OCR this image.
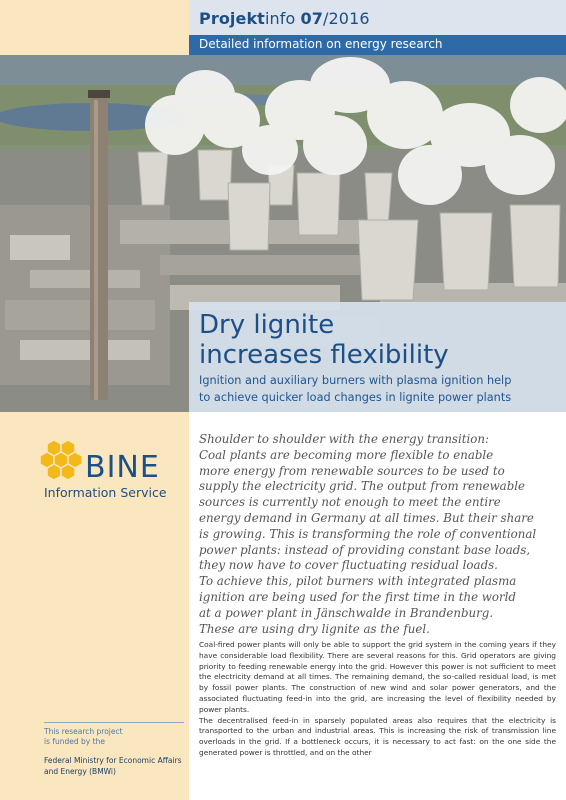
Projektinfo 07/2016
Detailed information on energy research
Dry lignite
increases flexibility
Ignition and auxiliary burners with plasma ignition help
to achieve quicker load changes in lignite power plants
BINE
Information Service

Shoulder to shoulder with the energy transition:

Coal plants are becoming more flexible to enable

more energy from renewable sources to be used to

supply the electricity grid. The output from renewable

sources is currently not enough to meet the entire

energy demand in Germany at all times. But their share

is growing. This is transforming the role of conventional

power plants: instead of providing constant base loads,

they now have to cover fluctuating residual loads.

To achieve this, pilot burners with integrated plasma

ignition are being used for the first time in the world

at a power plant in Jänschwalde in Brandenburg.

These are using dry lignite as the fuel.

Coal-fired power plants will only be able to support the grid system in the coming years if they have considerable load flexibility. There are several reasons for this. Grid operators are giving priority to feeding renewable energy into the grid. However this power is not sufficient to meet the electricity demand at all times. The remaining demand, the so-called residual load, is met by fossil power plants. The construction of new wind and solar power generators, and the associated fluctuating feed-in into the grid, are increasing the level of flexibility needed by power plants.

The decentralised feed-in in sparsely populated areas also requires that the electricity is transported to the urban and industrial areas. This is increasing the risk of transmission line overloads in the grid. If a bottleneck occurs, it is necessary to act fast: on the one side the generated power is throttled, and on the other

This research project
is funded by the
Federal Ministry for Economic Affairs
and Energy (BMWi)
